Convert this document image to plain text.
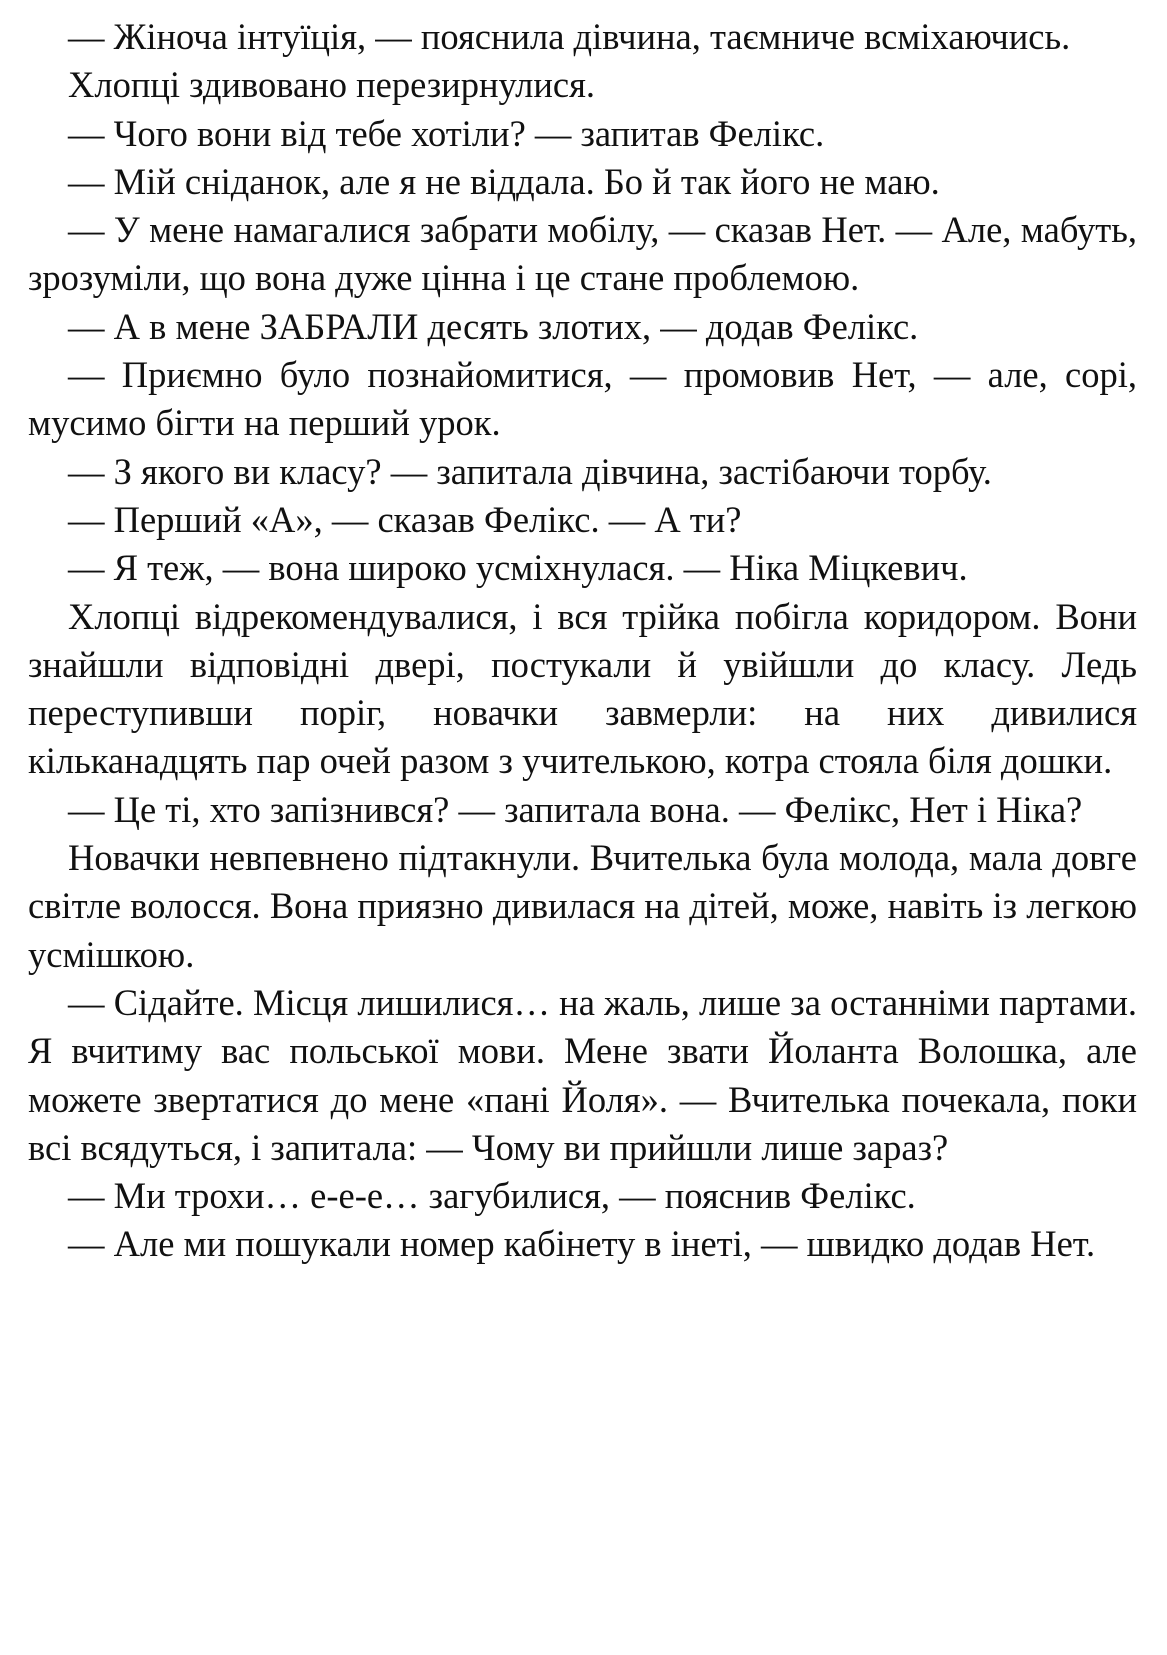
— Жіноча інтуїція, — пояснила дівчина, таємниче всміхаючись.

Хлопці здивовано перезирнулися.

— Чого вони від тебе хотіли? — запитав Фелікс.

— Мій сніданок, але я не віддала. Бо й так його не маю.

— У мене намагалися забрати мобілу, — сказав Нет. — Але, мабуть, зрозуміли, що вона дуже цінна і це стане проблемою.

— А в мене ЗАБРАЛИ десять злотих, — додав Фелікс.

— Приємно було познайомитися, — промовив Нет, — але, сорі, мусимо бігти на перший урок.

— З якого ви класу? — запитала дівчина, застібаючи торбу.

— Перший «А», — сказав Фелікс. — А ти?

— Я теж, — вона широко усміхнулася. — Ніка Міцкевич.

Хлопці відрекомендувалися, і вся трійка побігла коридором. Вони знайшли відповідні двері, постукали й увійшли до класу. Ледь переступивши поріг, новачки завмерли: на них дивилися кільканадцять пар очей разом з учителькою, котра стояла біля дошки.

— Це ті, хто запізнився? — запитала вона. — Фелікс, Нет і Ніка?

Новачки невпевнено підтакнули. Вчителька була молода, мала довге світле волосся. Вона приязно дивилася на дітей, може, навіть із легкою усмішкою.

— Сідайте. Місця лишилися… на жаль, лише за останніми партами. Я вчитиму вас польської мови. Мене звати Йоланта Волошка, але можете звертатися до мене «пані Йоля». — Вчителька почекала, поки всі всядуться, і запитала: — Чому ви прийшли лише зараз?

— Ми трохи… е-е-е… загубилися, — пояснив Фелікс.

— Але ми пошукали номер кабінету в інеті, — швидко додав Нет.
